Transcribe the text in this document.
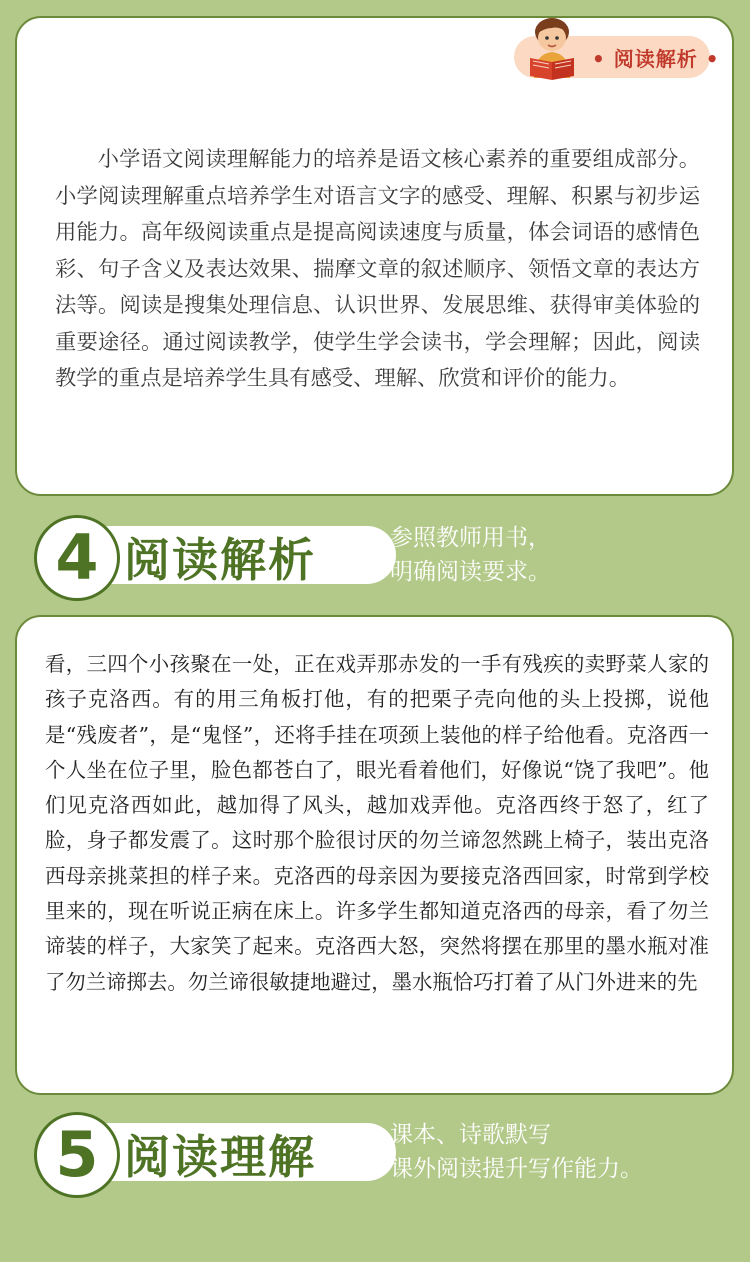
• 阅读解析 •

小学语文阅读理解能力的培养是语文核心素养的重要组成部分。小学阅读理解重点培养学生对语言文字的感受、理解、积累与初步运用能力。高年级阅读重点是提高阅读速度与质量，体会词语的感情色彩、句子含义及表达效果、揣摩文章的叙述顺序、领悟文章的表达方法等。阅读是搜集处理信息、认识世界、发展思维、获得审美体验的重要途径。通过阅读教学，使学生学会读书，学会理解；因此，阅读教学的重点是培养学生具有感受、理解、欣赏和评价的能力。

4 阅读解析	参照教师用书，
明确阅读要求。

看，三四个小孩聚在一处，正在戏弄那赤发的一手有残疾的卖野菜人家的孩子克洛西。有的用三角板打他，有的把栗子壳向他的头上投掷，说他是“残废者”，是“鬼怪”，还将手挂在项颈上装他的样子给他看。克洛西一个人坐在位子里，脸色都苍白了，眼光看着他们，好像说“饶了我吧”。他们见克洛西如此，越加得了风头，越加戏弄他。克洛西终于怒了，红了脸，身子都发震了。这时那个脸很讨厌的勿兰谛忽然跳上椅子，装出克洛西母亲挑菜担的样子来。克洛西的母亲因为要接克洛西回家，时常到学校里来的，现在听说正病在床上。许多学生都知道克洛西的母亲，看了勿兰谛装的样子，大家笑了起来。克洛西大怒，突然将摆在那里的墨水瓶对准了勿兰谛掷去。勿兰谛很敏捷地避过，墨水瓶恰巧打着了从门外进来的先

5 阅读理解	课本、诗歌默写
课外阅读提升写作能力。
